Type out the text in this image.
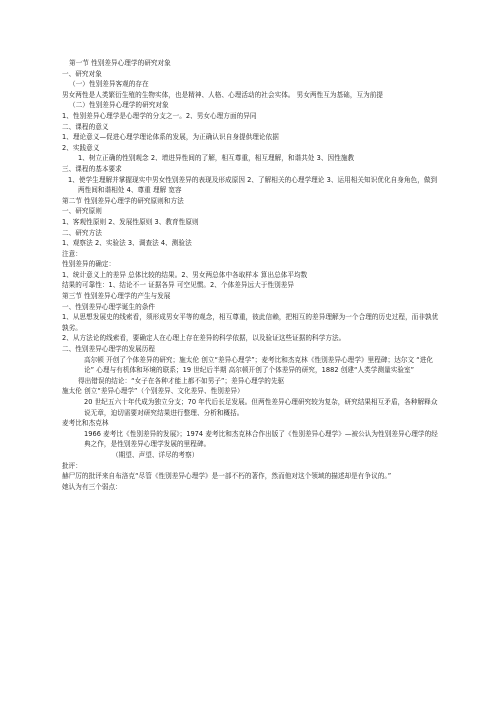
第一节 性别差异心理学的研究对象
一、研究对象
（一）性别差异客观的存在
男女两性是人类繁衍生殖的生物实体，也是精神、人格、心理活动的社会实体。 男女两性互为基础，互为前提
（二）性别差异心理学的研究对象
1、性别差异心理学是心理学的分支之一。2、男女心理方面的异同
二、课程的意义
1、理论意义—促进心理学理论体系的发展，为正确认识自身提供理论依据
2、实践意义
1、树立正确的性别观念 2、增进异性间的了解，相互尊重，相互理解，和谐共处 3、因性施教
三、课程的基本要求
1、使学生理解并掌握现实中男女性别差异的表现及形成原因 2、了解相关的心理学理论 3、运用相关知识优化自身角色，做到两性间和谐相处 4、尊重 理解 宽容
第二节 性别差异心理学的研究原则和方法
一、研究原则
1、客观性原则 2、发展性原则 3、教育性原则
二、研究方法
1、观察法 2、实验法 3、调查法 4、测验法
注意：
性别差异的确定：
1、统计意义上的差异 总体比较的结果。2、男女两总体中各取样本 算出总体平均数
结果的可靠性：1、结论不一 证据各异 可空见惯。2、个体差异远大于性别差异
第三节 性别差异心理学的产生与发展
一、性别差异心理学诞生的条件
1、从思想发展史的线索看，须形成男女平等的观念，相互尊重，彼此信赖，把相互的差异理解为一个合理的历史过程，而非孰优孰劣。
2、从方法论的线索看，要确定人在心理上存在差异的科学依据，以及验证这些证据的科学方法。
二、性别差异心理学的发展历程
高尔顿 开创了个体差异的研究；施太伦 创立“差异心理学”；麦考比和杰克林《性别差异心理学》里程碑；达尔文 “进化论” 心理与有机体和环境的联系；19 世纪后半期 高尔顿开创了个体差异的研究，1882 创建“人类学测量实验室”
得出错误的结论：“女子在各种才能上都不如男子”；差异心理学的先驱
施太伦 创立“差异心理学”（个别差异、文化差异、性别差异）
20 世纪五六十年代成为独立分支；70 年代后长足发展。但两性差异心理研究较为复杂，研究结果相互矛盾，各种解释众说无章，迫切需要对研究结果进行整理、分析和概括。
麦考比和杰克林
1966 麦考比《性别差异的发展》；1974 麦考比和杰克林合作出版了《性别差异心理学》—被公认为性别差异心理学的经典之作，是性别差异心理学发展的里程碑。
（期望、声望、详尽的考察）
批评：
赫尸厉的批评来自布洛克“尽管《性别差异心理学》是一部不朽的著作，然而他对这个领域的描述却是有争议的。”
她认为有三个弱点：
